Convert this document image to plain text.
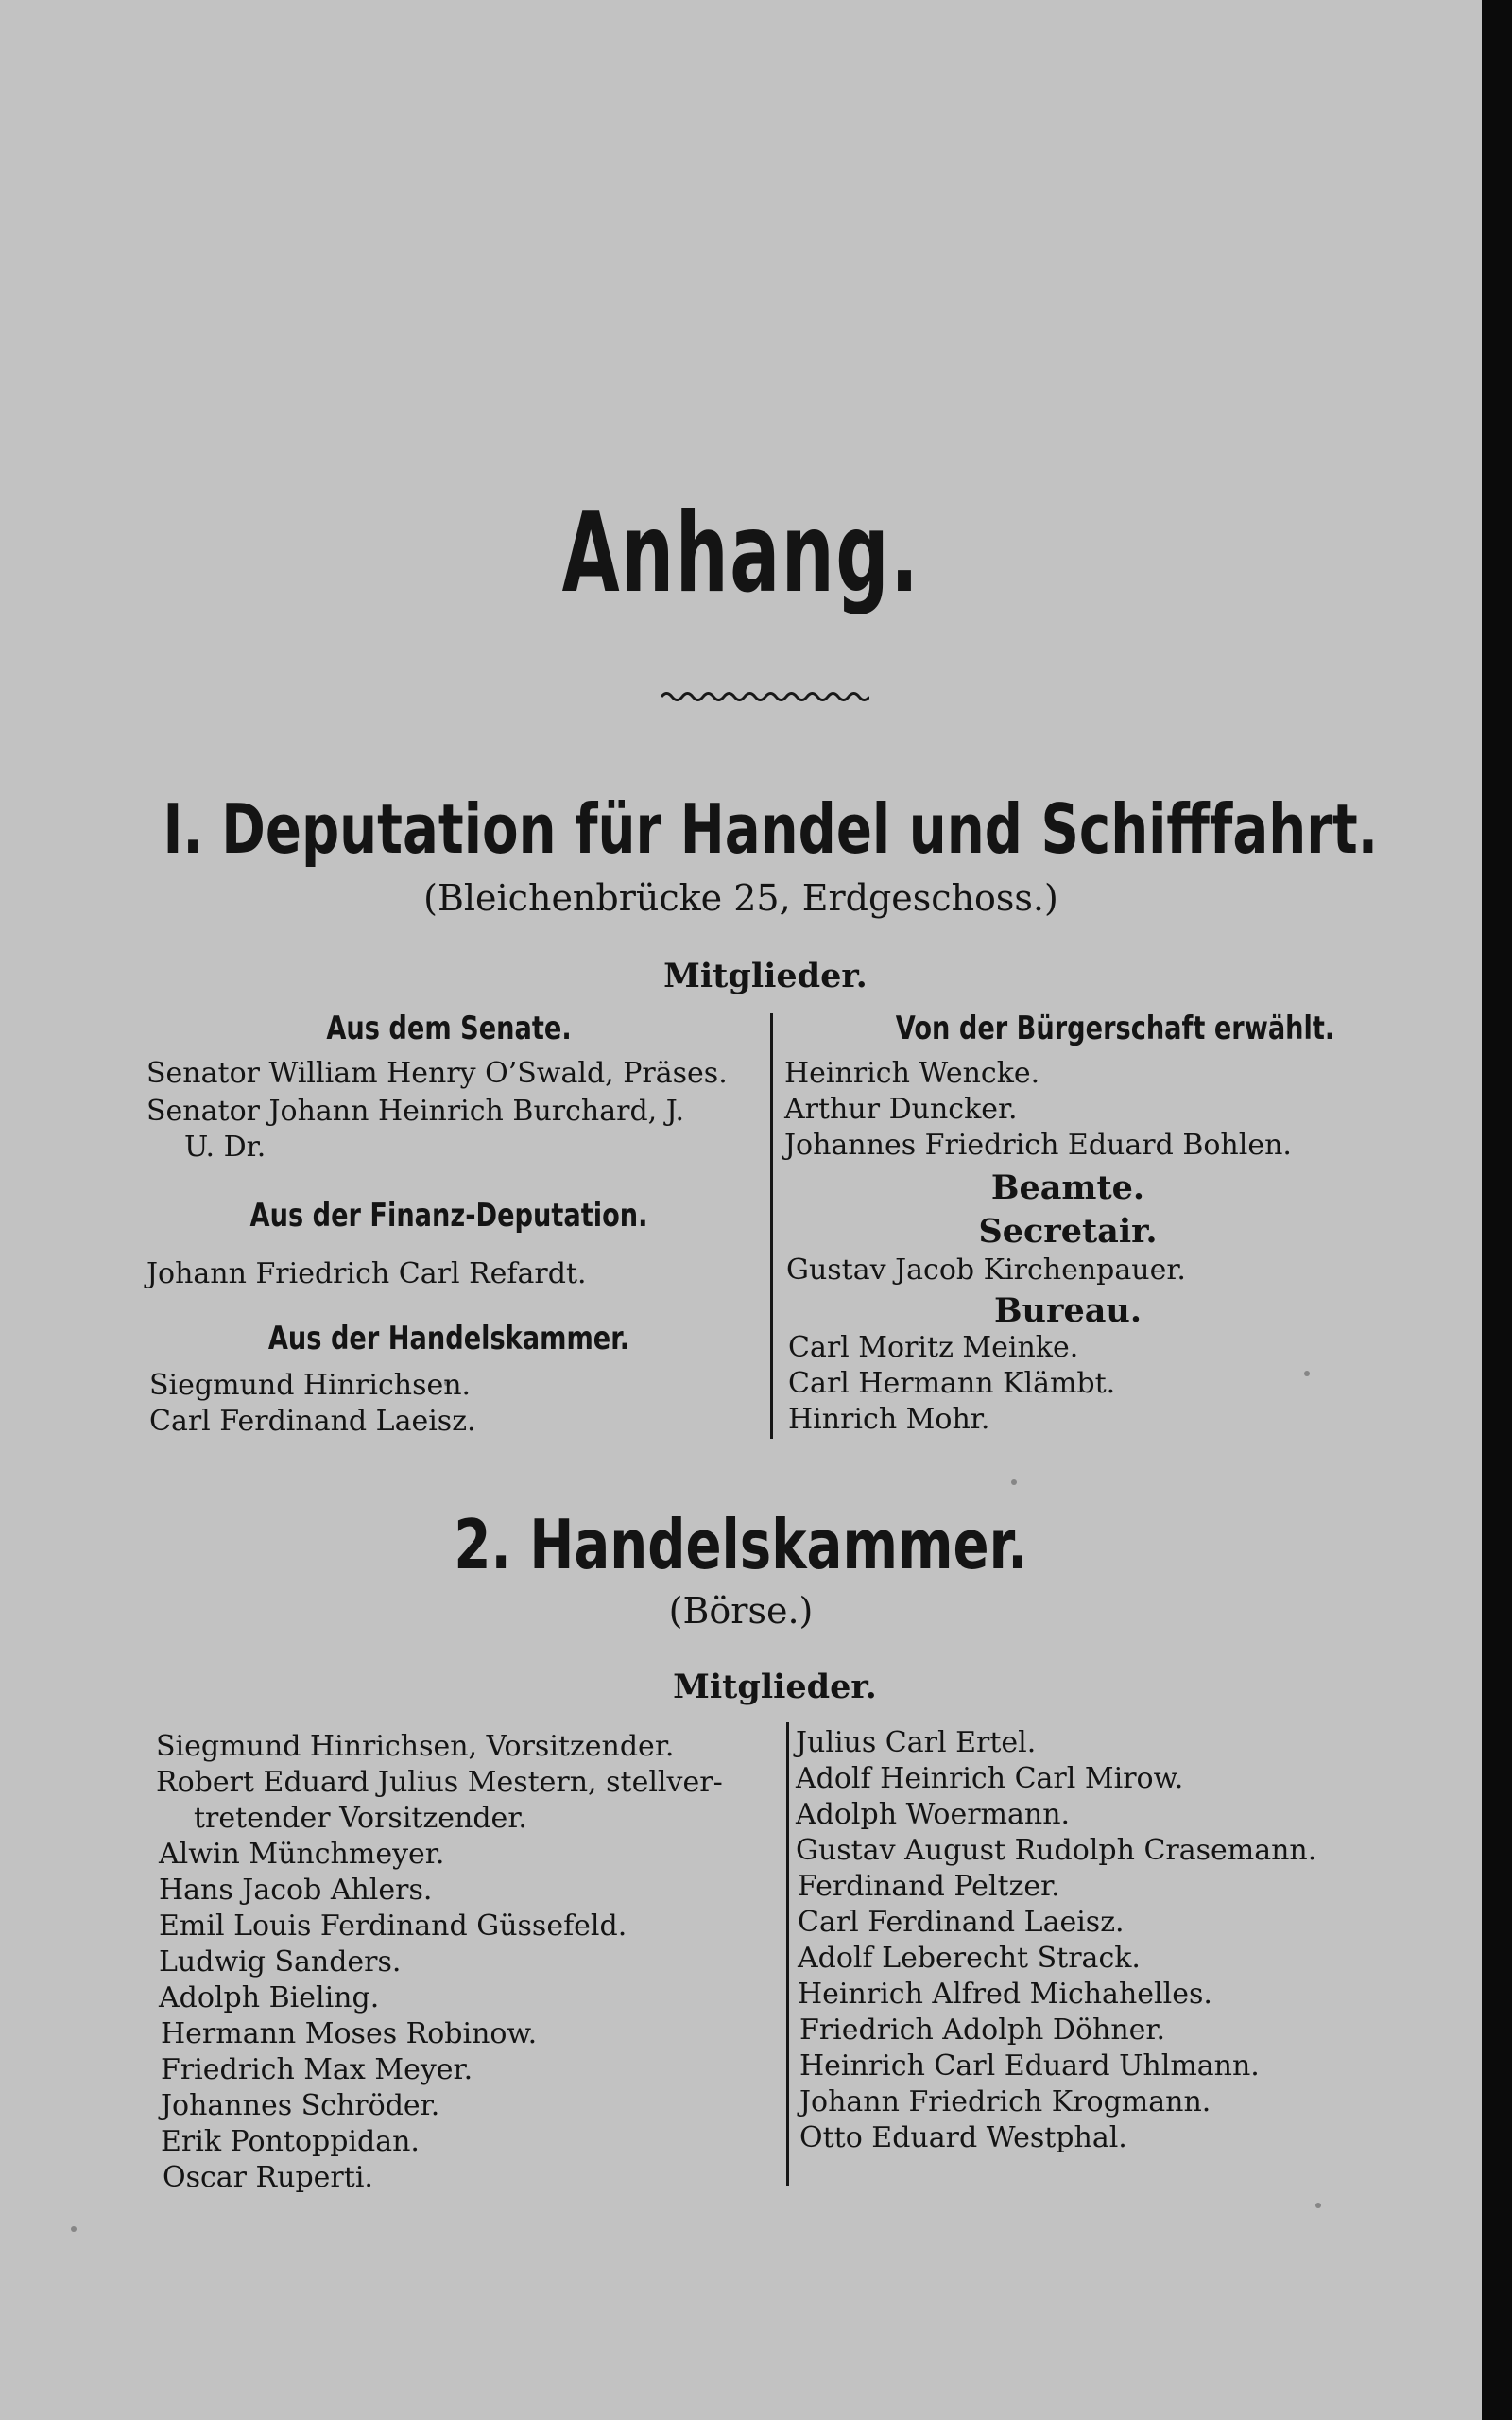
Anhang.
I. Deputation für Handel und Schifffahrt.
(Bleichenbrücke 25, Erdgeschoss.)
Mitglieder.
Aus dem Senate.
Senator William Henry O’Swald, Präses.
Senator Johann Heinrich Burchard, J.
U. Dr.
Aus der Finanz-Deputation.
Johann Friedrich Carl Refardt.
Aus der Handelskammer.
Siegmund Hinrichsen.
Carl Ferdinand Laeisz.
Von der Bürgerschaft erwählt.
Heinrich Wencke.
Arthur Duncker.
Johannes Friedrich Eduard Bohlen.
Beamte.
Secretair.
Gustav Jacob Kirchenpauer.
Bureau.
Carl Moritz Meinke.
Carl Hermann Klämbt.
Hinrich Mohr.
2. Handelskammer.
(Börse.)
Mitglieder.
Siegmund Hinrichsen, Vorsitzender.
Robert Eduard Julius Mestern, stellver-
tretender Vorsitzender.
Alwin Münchmeyer.
Hans Jacob Ahlers.
Emil Louis Ferdinand Güssefeld.
Ludwig Sanders.
Adolph Bieling.
Hermann Moses Robinow.
Friedrich Max Meyer.
Johannes Schröder.
Erik Pontoppidan.
Oscar Ruperti.
Julius Carl Ertel.
Adolf Heinrich Carl Mirow.
Adolph Woermann.
Gustav August Rudolph Crasemann.
Ferdinand Peltzer.
Carl Ferdinand Laeisz.
Adolf Leberecht Strack.
Heinrich Alfred Michahelles.
Friedrich Adolph Döhner.
Heinrich Carl Eduard Uhlmann.
Johann Friedrich Krogmann.
Otto Eduard Westphal.
